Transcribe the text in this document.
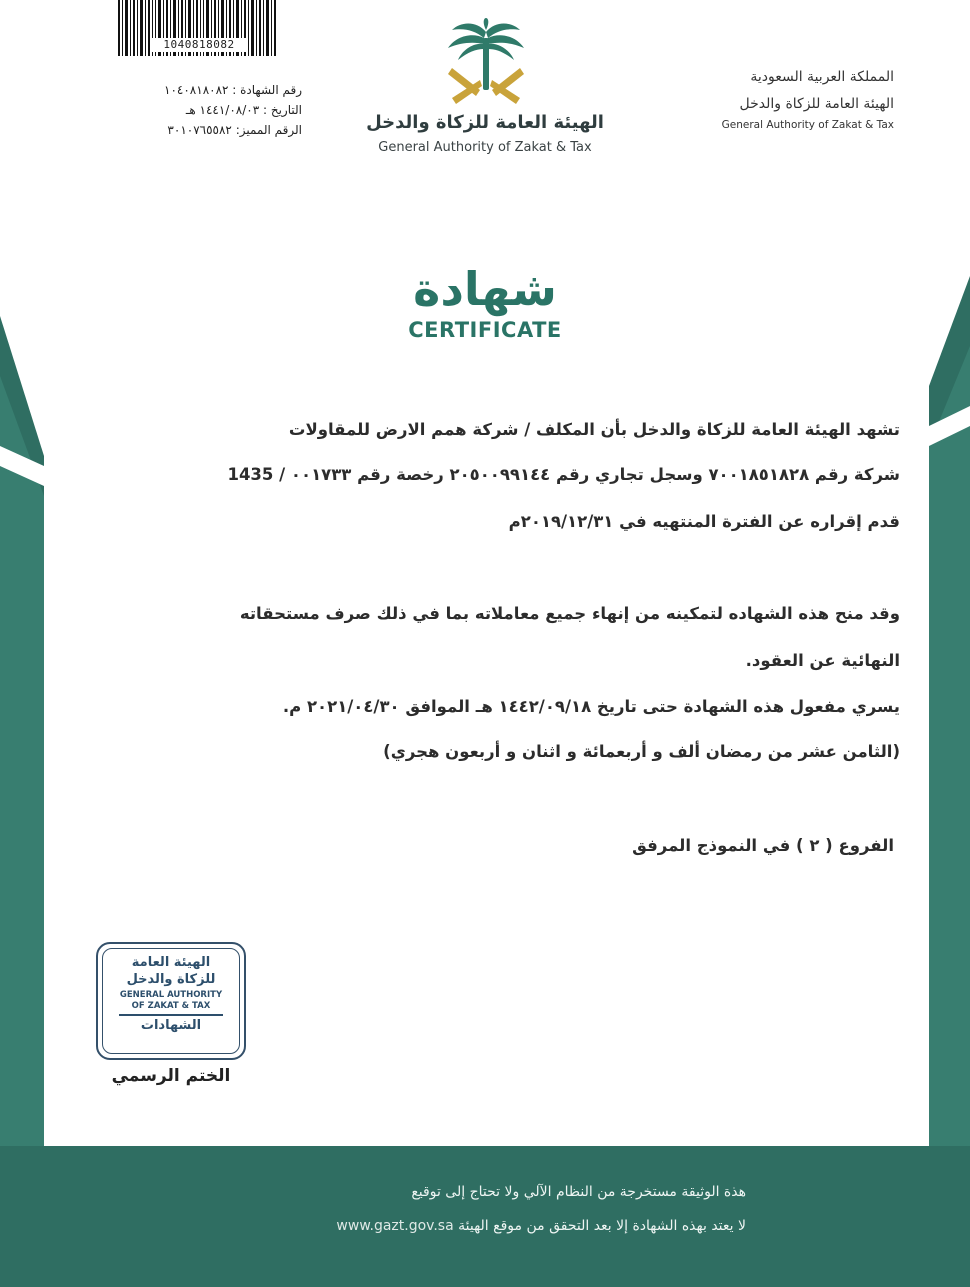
1040818082
رقم الشهادة : ١٠٤٠٨١٨٠٨٢
التاريخ : ١٤٤١/٠٨/٠٣ هـ
الرقم المميز: ٣٠١٠٧٦٥٥٨٢	الهيئة العامة للزكاة والدخل
General Authority of Zakat & Tax
المملكة العربية السعودية
الهيئة العامة للزكاة والدخل
General Authority of Zakat & Tax
شهادة
CERTIFICATE
تشهد الهيئة العامة للزكاة والدخل بأن المكلف / شركة همم الارض للمقاولات
شركة رقم ٧٠٠١٨٥١٨٢٨ وسجل تجاري رقم ٢٠٥٠٠٩٩١٤٤ رخصة رقم ٠٠١٧٣٣ / 1435
قدم إقراره عن الفترة المنتهيه في ٢٠١٩/١٢/٣١م
وقد منح هذه الشهاده لتمكينه من إنهاء جميع معاملاته بما في ذلك صرف مستحقاته
النهائية عن العقود.
يسري مفعول هذه الشهادة حتى تاريخ ١٤٤٢/٠٩/١٨ هـ الموافق ٢٠٢١/٠٤/٣٠ م.
(الثامن عشر من رمضان ألف و أربعمائة و اثنان و أربعون هجري)
الفروع ( ٢ ) في النموذج المرفق
الهيئة العامة
للزكاة والدخل
GENERAL AUTHORITY
OF ZAKAT & TAX
الشهادات
الختم الرسمي
هذة الوثيقة مستخرجة من النظام الآلي ولا تحتاج إلى توقيع
لا يعتد بهذه الشهادة إلا بعد التحقق من موقع الهيئة www.gazt.gov.sa
